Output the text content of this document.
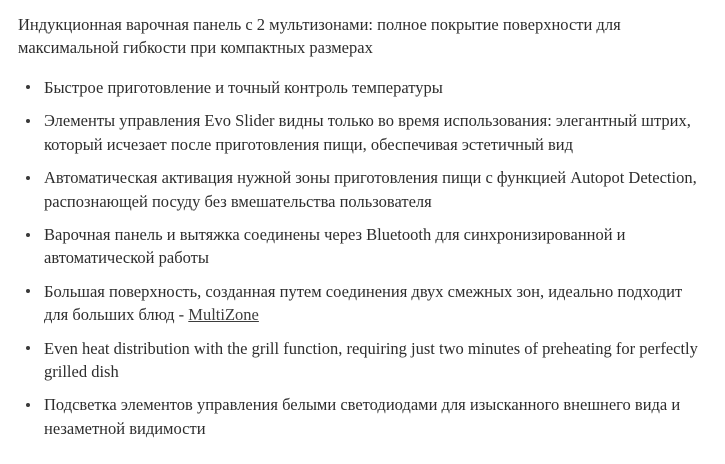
Индукционная варочная панель с 2 мультизонами: полное покрытие поверхности для максимальной гибкости при компактных размерах

Быстрое приготовление и точный контроль температуры
Элементы управления Evo Slider видны только во время использования: элегантный штрих, который исчезает после приготовления пищи, обеспечивая эстетичный вид
Автоматическая активация нужной зоны приготовления пищи с функцией Autopot Detection, распознающей посуду без вмешательства пользователя
Варочная панель и вытяжка соединены через Bluetooth для синхронизированной и автоматической работы
Большая поверхность, созданная путем соединения двух смежных зон, идеально подходит для больших блюд - MultiZone
Even heat distribution with the grill function, requiring just two minutes of preheating for perfectly grilled dish
Подсветка элементов управления белыми светодиодами для изысканного внешнего вида и незаметной видимости
